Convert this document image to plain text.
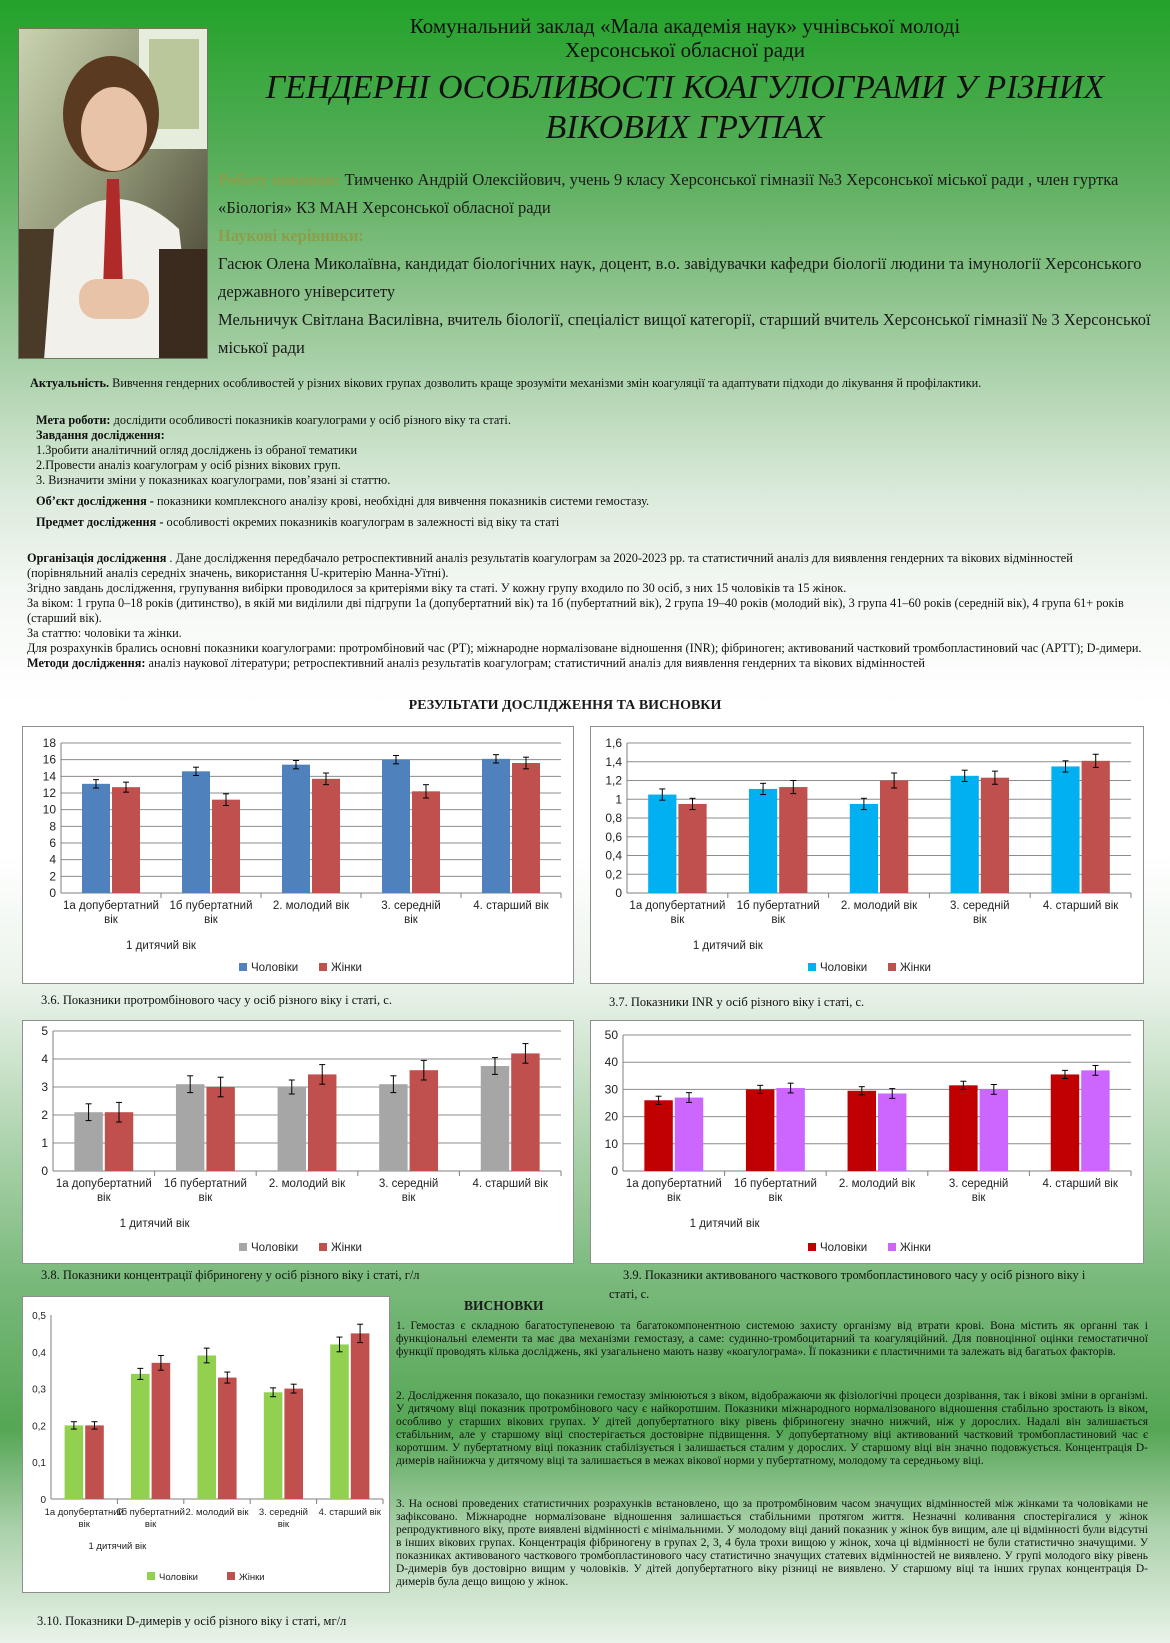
Комунальний заклад «Мала академія наук» учнівської молоді
Херсонської обласної ради
ГЕНДЕРНІ ОСОБЛИВОСТІ КОАГУЛОГРАМИ У РІЗНИХ
ВІКОВИХ ГРУПАХ
Роботу виконав: Тимченко Андрій Олексійович, учень 9 класу Херсонської гімназії №3 Херсонської міської ради , член гуртка «Біологія» КЗ МАН Херсонської обласної ради
Наукові керівники:
Гасюк Олена Миколаївна, кандидат біологічних наук, доцент, в.о. завідувачки кафедри біології людини та імунології Херсонського державного університету
Мельничук Світлана Василівна, вчитель біології, спеціаліст вищої категорії, старший вчитель Херсонської гімназії № 3 Херсонської міської ради
Актуальність. Вивчення гендерних особливостей у різних вікових групах дозволить краще зрозуміти механізми змін коагуляції та адаптувати підходи до лікування й профілактики.
Мета роботи: дослідити особливості показників коагулограми у осіб різного віку та статі.
Завдання дослідження:
1.Зробити аналітичний огляд досліджень із обраної тематики
2.Провести аналіз коагулограм у осіб різних вікових груп.
3. Визначити зміни у показниках коагулограми, пов’язані зі статтю.
Об’єкт дослідження - показники комплексного аналізу крові, необхідні для вивчення показників системи гемостазу.
Предмет дослідження - особливості окремих показників коагулограм в залежності від віку та статі
Організація дослідження . Дане дослідження передбачало ретроспективний аналіз результатів коагулограм за 2020-2023 рр. та статистичний аналіз для виявлення гендерних та вікових відмінностей (порівняльний аналіз середніх значень, використання U-критерію Манна-Уїтні).
Згідно завдань дослідження, групування вибірки проводилося за критеріями віку та статі. У кожну групу входило по 30 осіб, з них 15 чоловіків та 15 жінок.
За віком: 1 група 0–18 років (дитинство), в якій ми виділили дві підгрупи 1а (допубертатний вік) та 1б (пубертатний вік), 2 група 19–40 років (молодий вік), 3 група 41–60 років (середній вік), 4 група 61+ років (старший вік).
За статтю: чоловіки та жінки.
Для розрахунків брались основні показники коагулограми: протромбіновий час (PT); міжнародне нормалізоване відношення (INR); фібриноген; активований частковий тромбопластиновий час (APTT); D-димери.
Методи дослідження: аналіз наукової літератури; ретроспективний аналіз результатів коагулограм; статистичний аналіз для виявлення гендерних та вікових відмінностей
РЕЗУЛЬТАТИ ДОСЛІДЖЕННЯ ТА ВИСНОВКИ
0
2
4
6
8
10
12
14
16
18
1а допубертатний
вік
1б пубертатний
вік
2. молодий вік	3. середній
вік
4. старший вік
1 дитячий вік
Чоловіки	Жінки
0
0,2
0,4
0,6
0,8
1
1,2
1,4
1,6
1а допубертатний
вік
1б пубертатний
вік
2. молодий вік	3. середній
вік
4. старший вік
1 дитячий вік
Чоловіки	Жінки
0
1
2
3
4
5
1а допубертатний
вік
1б пубертатний
вік
2. молодий вік	3. середній
вік
4. старший вік
1 дитячий вік
Чоловіки	Жінки
0
10
20
30
40
50
1а допубертатний
вік
1б пубертатний
вік
2. молодий вік	3. середній
вік
4. старший вік
1 дитячий вік
Чоловіки	Жінки
0
0,1
0,2
0,3
0,4
0,5
1а допубертатний
вік
1б пубертатний
вік
2. молодий вік 3. середній
вік
4. старший вік
1 дитячий вік
Чоловіки	Жінки
3.6. Показники протромбінового часу у осіб різного віку і статі, с.	3.7. Показники INR у осіб різного віку і статі, с.
3.8. Показники концентрації фібриногену у осіб різного віку і статі, г/л	3.9. Показники активованого часткового тромбопластинового часу у осіб різного віку і
статі, с.
3.10. Показники D-димерів у осіб різного віку і статі, мг/л
ВИСНОВКИ
1. Гемостаз є складною багатоступеневою та багатокомпонентною системою захисту організму від втрати крові. Вона містить як органні так і функціональні елементи та має два механізми гемостазу, а саме: судинно-тромбоцитарний та коагуляційний. Для повноцінної оцінки гемостатичної функції проводять кілька досліджень, які узагальнено мають назву «коагулограма». Її показники є пластичними та залежать від багатьох факторів.
2. Дослідження показало, що показники гемостазу змінюються з віком, відображаючи як фізіологічні процеси дозрівання, так і вікові зміни в організмі. У дитячому віці показник протромбінового часу є найкоротшим. Показники міжнародного нормалізованого відношення стабільно зростають із віком, особливо у старших вікових групах. У дітей допубертатного віку рівень фібриногену значно нижчий, ніж у дорослих. Надалі він залишається стабільним, але у старшому віці спостерігається достовірне підвищення. У допубертатному віці активований частковий тромбопластиновий час є коротшим. У пубертатному віці показник стабілізується і залишається сталим у дорослих. У старшому віці він значно подовжується. Концентрація D-димерів найнижча у дитячому віці та залишається в межах вікової норми у пубертатному, молодому та середньому віці.
3. На основі проведених статистичних розрахунків встановлено, що за протромбіновим часом значущих відмінностей між жінками та чоловіками не зафіксовано. Міжнародне нормалізоване відношення залишається стабільними протягом життя. Незначні коливання спостерігалися у жінок репродуктивного віку, проте виявлені відмінності є мінімальними. У молодому віці даний показник у жінок був вищим, але ці відмінності були відсутні в інших вікових групах. Концентрація фібриногену в групах 2, 3, 4 була трохи вищою у жінок, хоча ці відмінності не були статистично значущими. У показниках активованого часткового тромбопластинового часу статистично значущих статевих відмінностей не виявлено. У групі молодого віку рівень D-димерів був достовірно вищим у чоловіків. У дітей допубертатного віку різниці не виявлено. У старшому віці та інших групах концентрація D-димерів була дещо вищою у жінок.
